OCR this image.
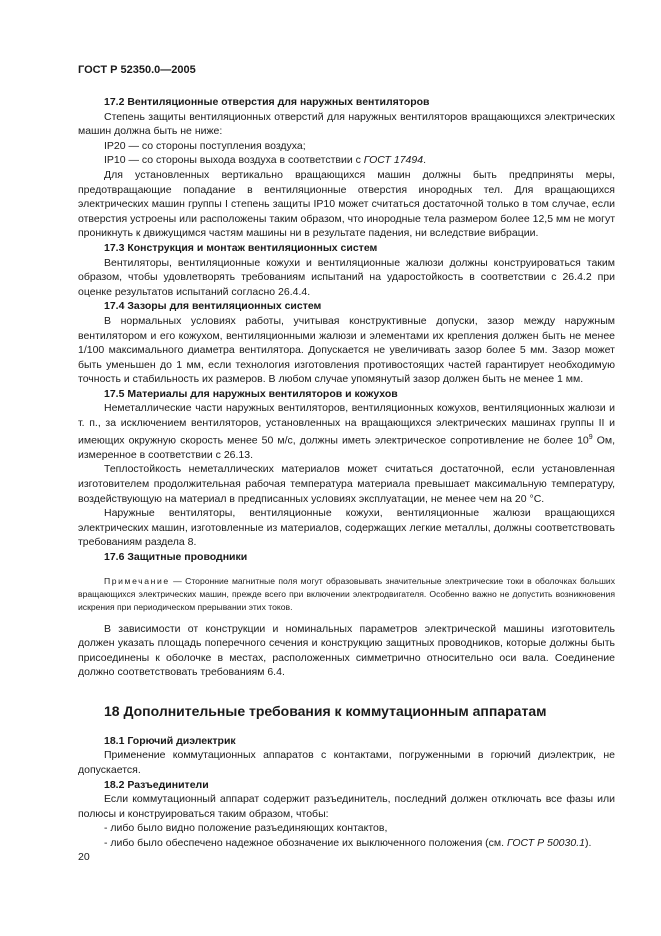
ГОСТ Р 52350.0—2005

17.2 Вентиляционные отверстия для наружных вентиляторов

Степень защиты вентиляционных отверстий для наружных вентиляторов вращающихся электрических машин должна быть не ниже:

IP20 — со стороны поступления воздуха;

IP10 — со стороны выхода воздуха в соответствии с ГОСТ 17494.

Для установленных вертикально вращающихся машин должны быть предприняты меры, предотвращающие попадание в вентиляционные отверстия инородных тел. Для вращающихся электрических машин группы I степень защиты IP10 может считаться достаточной только в том случае, если отверстия устроены или расположены таким образом, что инородные тела размером более 12,5 мм не могут проникнуть к движущимся частям машины ни в результате падения, ни вследствие вибрации.

17.3 Конструкция и монтаж вентиляционных систем

Вентиляторы, вентиляционные кожухи и вентиляционные жалюзи должны конструироваться таким образом, чтобы удовлетворять требованиям испытаний на ударостойкость в соответствии с 26.4.2 при оценке результатов испытаний согласно 26.4.4.

17.4 Зазоры для вентиляционных систем

В нормальных условиях работы, учитывая конструктивные допуски, зазор между наружным вентилятором и его кожухом, вентиляционными жалюзи и элементами их крепления должен быть не менее 1/100 максимального диаметра вентилятора. Допускается не увеличивать зазор более 5 мм. Зазор может быть уменьшен до 1 мм, если технология изготовления противостоящих частей гарантирует необходимую точность и стабильность их размеров. В любом случае упомянутый зазор должен быть не менее 1 мм.

17.5 Материалы для наружных вентиляторов и кожухов

Неметаллические части наружных вентиляторов, вентиляционных кожухов, вентиляционных жалюзи и т. п., за исключением вентиляторов, установленных на вращающихся электрических машинах группы II и имеющих окружную скорость менее 50 м/с, должны иметь электрическое сопротивление не более $10^9$ Ом, измеренное в соответствии с 26.13.

Теплостойкость неметаллических материалов может считаться достаточной, если установленная изготовителем продолжительная рабочая температура материала превышает максимальную температуру, воздействующую на материал в предписанных условиях эксплуатации, не менее чем на 20 °С.

Наружные вентиляторы, вентиляционные кожухи, вентиляционные жалюзи вращающихся электрических машин, изготовленные из материалов, содержащих легкие металлы, должны соответствовать требованиям раздела 8.

17.6 Защитные проводники

Примечание — Сторонние магнитные поля могут образовывать значительные электрические токи в оболочках больших вращающихся электрических машин, прежде всего при включении электродвигателя. Особенно важно не допустить возникновения искрения при периодическом прерывании этих токов.

В зависимости от конструкции и номинальных параметров электрической машины изготовитель должен указать площадь поперечного сечения и конструкцию защитных проводников, которые должны быть присоединены к оболочке в местах, расположенных симметрично относительно оси вала. Соединение должно соответствовать требованиям 6.4.

18 Дополнительные требования к коммутационным аппаратам

18.1 Горючий диэлектрик

Применение коммутационных аппаратов с контактами, погруженными в горючий диэлектрик, не допускается.

18.2 Разъединители

Если коммутационный аппарат содержит разъединитель, последний должен отключать все фазы или полюсы и конструироваться таким образом, чтобы:

- либо было видно положение разъединяющих контактов,

- либо было обеспечено надежное обозначение их выключенного положения (см. ГОСТ Р 50030.1).

20
